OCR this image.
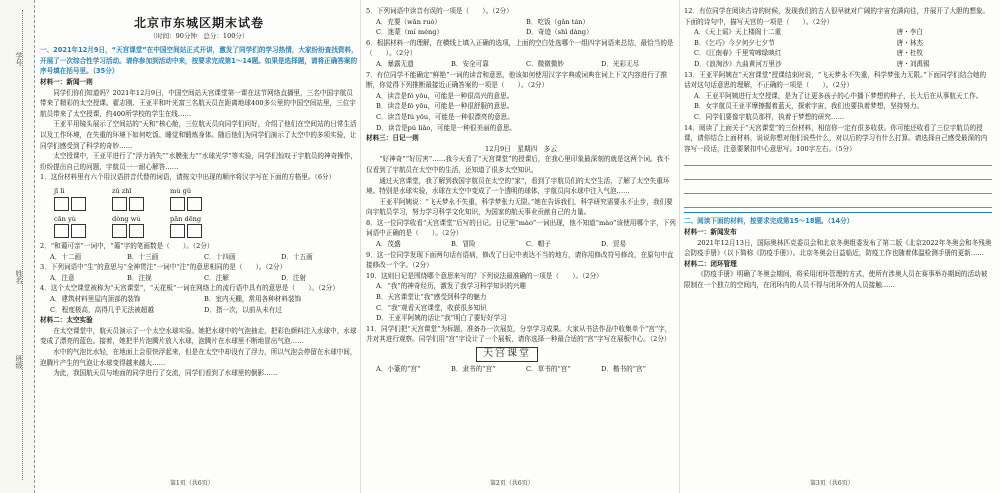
学号
姓名
班级
北京市东城区期末试卷
（时间：90分钟　总分：100分）

一、2021年12月9日，“天宫课堂”在中国空间站正式开讲，激发了同学们的学习热情，大家纷纷查找资料，开展了一次综合性学习活动。请你参加到活动中来，按要求完成第1～14题。如果是选择题，请将正确答案的序号填在括号里。（35分）

材料一：新闻一则

同学们你们知道吗？2021年12月9日，中国空间站天宫课堂第一课在这节网络直播里，三名中国宇航员带来了精彩的太空授课。翟志刚、王亚平和叶光富三名航天员在距离地球400多公里的中国空间站里，三位宇航员带来了太空授课，约400所学校的学生在线……

王亚平用镜头展示了空间站的“天和”核心舱，三位航天员向同学们问好，介绍了他们在空间站的日常生活以及工作环境，在失重的环境下如何吃饭、睡觉和锻炼身体。随后他们为同学们演示了太空中的多项实验，让同学们感受到了科学的奇妙……

太空授课中，王亚平进行了“浮力消失”“水膜张力”“水球光学”等实验，同学们惊叹于宇航员的神奇操作，纷纷提出自己的问题，宇航员一一耐心解答……

1．这份材料里有六个用汉语拼音代替的词语，请按文中出现的顺序将汉字写在下面的方格里。（6分）

jī lì	zǔ zhī	mù gǔ
cān yù	dòng wù	pān dēng

2．“和蔼可亲”一词中，“蔼”字的笔画数是（　　）。（2分）

A．十二画	B．十三画	C．十四画	D．十五画

3．下列词语中“生”的意思与“全神贯注”一词中“注”的意思相同的是（　　）。（2分）

A．注意	B．注视	C．注解	D．注射

4．这个太空课堂被称为“天宫课堂”，“天花板”一词在网络上的流行语中具有的意思是（　　）。（2分）

A．建筑材料里屋内顶部的装饰	B．室内天棚，常用各种材料装饰
C．程度极高，高得几乎无法被超越	D．指一次，以前从未有过

材料二：太空实验

在太空课堂中，航天员演示了一个太空水球实验。她把水球中的气泡抽走，把彩色颜料注入水球中，水球变成了漂亮的蓝色。接着，她把半片泡腾片放入水球，泡腾片在水球里不断地冒出气泡……

水中的气泡比水轻，在地面上会很快浮起来，但是在太空中却没有了浮力，所以气泡会停留在水球中间，泡腾片产生的气泡让水球变得越来越大……

为此，我国航天员与地面的同学进行了交流，同学们看到了水球里的倒影……

第1页（共6页）

5．下列词语中读音有误的一项是（　　）。（2分）

A．充要（wǎn ruò）	B．吃饭（gǎn tán）
C．迷蒙（mí méng）	D．奇迹（shì dàng）

6．根据材料一的理解，在横线上填入正确的选项，上面的空白处选哪个一组四字词语来总结，最恰当的是（　　）。（2分）

A．暴露无遗	B．安全可靠	C．微微微妙	D．光彩无尽

7．有位同学不能确定“鲜艳”一词的读音和意思，他该如何使用汉字字典或词典在词上下文内容进行了推断，你觉得下列推断最接近正确答案的一项是（　　）。（2分）

A．读音是fǒ yōu，可能是一种很高兴的意思。
B．读音是fǒ yōu，可能是一种很舒服的意思。
C．读音是fú yōu，可能是一种很漂亮的意思。
D．读音是pǔ liǎo，可能是一种很美丽的意思。

材料三：日记一则

12月9日　星期四　多云

“好神奇”“好厉害”……我今天看了“天宫课堂”的授课后，在我心里印象最深刻的就是这两个词。我不仅看到了宇航员在太空中的生活，还知道了很多太空知识。

通过天宫课堂，我了解到我国宇航员在太空的“家”，看到了宇航员们的太空生活，了解了太空失重环境。特别是水球实验，水球在太空中变成了一个透明的球体，宇航员向水球中注入气泡……

王亚平阿姨说：“飞天梦永不失重，科学梦张力无限。”她在告诉我们，科学研究需要永不止步，我们要向宇航员学习，努力学习科学文化知识，为国家的航天事业贡献自己的力量。

8．这一位同学收看“天宫课堂”后写的日记。日记里“mào”一词出现，他不知道“mào”该使用哪个字，下列词语中正确的是（　　）。（2分）

A．茂盛	B．冒险	C．帽子	D．贸易

9．这一位同学发现下面两句话有语病，修改了日记中表达不当的地方，请你用修改符号修改，在原句中直接修改一个字。（2分）

10．这则日记是围绕哪个意思来写的？下列说法最准确的一项是（　　）。（2分）

A．“我”的神奇经历，激发了我学习科学知识的兴趣
B．天宫课堂让“我”感受到科学的魅力
C．“我”观看天宫课堂，收获很多知识
D．王亚平阿姨的话让“我”明白了要好好学习

11．同学们把“天宫课堂”为标题，准备办一次展览，分享学习成果。大家从书法作品中收集单个“宫”字，并对其进行观察。同学们用“宫”字设计了一个展板，请你选择一种最合适的“宫”字写在展板中心。（2分）

天宫课堂
A．小篆的“宫”	B．隶书的“宫”	C．草书的“宫”	D．楷书的“宫”
第2页（共6页）

12．有位同学在阅读古诗的时候，发现我们的古人很早就对广阔的宇宙充满向往，并展开了大胆的想象。下面的诗句中，描写天宫的一项是（　　）。（2分）

A．《天上谣》天上楼阁十二重	唐・李白
B．《乞巧》今夕何夕七夕节	唐・林杰
C．《江南春》千里莺啼绿映红	唐・杜牧
D．《浪淘沙》九曲黄河万里沙	唐・刘禹锡

13．王亚平阿姨在“天宫课堂”授课结束时说，“飞天梦永不失重，科学梦张力无限。”下面同学们结合她的话对这句话意思的理解，不正确的一项是（　　）。（2分）

A．王亚平阿姨进行太空授课，是为了让更多孩子的心中播下梦想的种子，长大后在从事航天工作。
B．女宇航员王亚平摩擦握着蓝天，探索宇宙，我们也要执着梦想，坚持努力。
C．同学们要像宇航员那样，执着于梦想的研究……

14．阅读了上面关于“天宫课堂”的三份材料，相信你一定有很多收获。你可能还收看了三位宇航员的授课，请你结合上面材料，说说你想对他们说些什么，对以后的学习有什么打算。请选择自己感受最深的内容写一段话，注意要紧扣中心意思写。100字左右。（5分）

二、阅读下面的材料，按要求完成第15～18题。（14分）

材料一：新闻发布

2021年12月13日，国际奥林匹克委员会和北京冬奥组委发布了第二版《北京2022年冬奥会和冬残奥会防疫手册》（以下简称《防疫手册》）。北京冬奥会日益临近，防疫工作也随着体温检测手册的更新……

材料二：闭环管理

《防疫手册》明确了冬奥会期间，将采用闭环管理的方式，使所有涉奥人员在赛事举办期间的活动被限制在一个独立的空间内，在闭环内的人员不得与闭环外的人员接触……

第3页（共6页）
